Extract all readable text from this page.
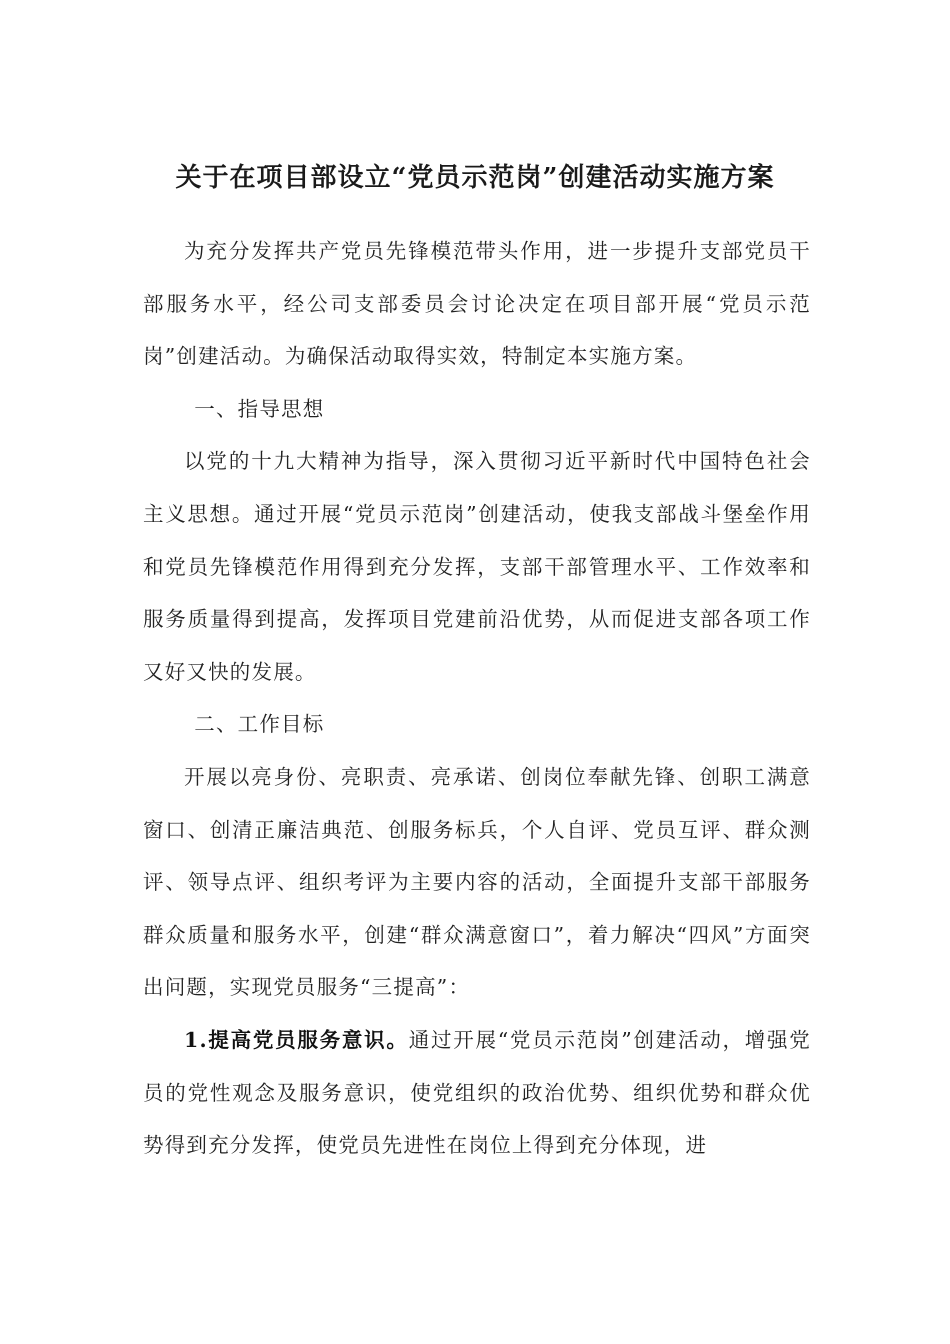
关于在项目部设立“党员示范岗”创建活动实施方案

为充分发挥共产党员先锋模范带头作用，进一步提升支部党员干部服务水平，经公司支部委员会讨论决定在项目部开展“党员示范岗”创建活动。为确保活动取得实效，特制定本实施方案。

一、指导思想

以党的十九大精神为指导，深入贯彻习近平新时代中国特色社会主义思想。通过开展“党员示范岗”创建活动，使我支部战斗堡垒作用和党员先锋模范作用得到充分发挥，支部干部管理水平、工作效率和服务质量得到提高，发挥项目党建前沿优势，从而促进支部各项工作又好又快的发展。

二、工作目标

开展以亮身份、亮职责、亮承诺、创岗位奉献先锋、创职工满意窗口、创清正廉洁典范、创服务标兵，个人自评、党员互评、群众测评、领导点评、组织考评为主要内容的活动，全面提升支部干部服务群众质量和服务水平，创建“群众满意窗口”，着力解决“四风”方面突出问题，实现党员服务“三提高”：

1.提高党员服务意识。通过开展“党员示范岗”创建活动，增强党员的党性观念及服务意识，使党组织的政治优势、组织优势和群众优势得到充分发挥，使党员先进性在岗位上得到充分体现，进
